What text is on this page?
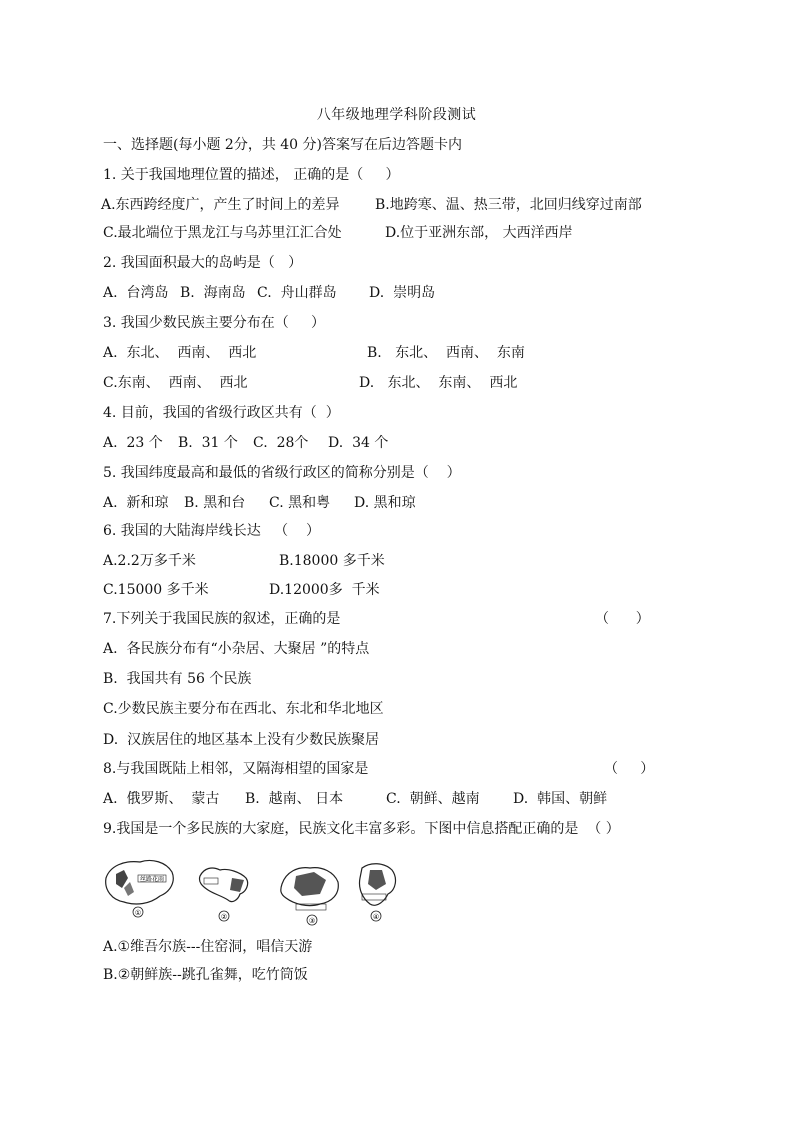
八年级地理学科阶段测试
一、选择题(每小题 2分，共 40 分)答案写在后边答题卡内
1. 关于我国地理位置的描述， 正确的是（     ）
A.东西跨经度广，产生了时间上的差异	B.地跨寒、温、热三带，北回归线穿过南部
C.最北端位于黑龙江与乌苏里江汇合处	D.位于亚洲东部， 大西洋西岸
2. 我国面积最大的岛屿是（   ）
A.  台湾岛 B.  海南岛 C.  舟山群岛 D.  崇明岛
3. 我国少数民族主要分布在（     ）
A.  东北、  西南、  西北	B.   东北、  西南、  东南
C.东南、  西南、  西北	D.   东北、  东南、  西北
4. 目前，我国的省级行政区共有（  ）
A.  23 个 B.  31 个 C.  28个 D.  34 个
5. 我国纬度最高和最低的省级行政区的简称分别是（    ）
A.  新和琼 B. 黑和台 C. 黑和粤 D. 黑和琼
6. 我国的大陆海岸线长达   （    ）
A.2.2万多千米	B.18000 多千米
C.15000 多千米	D.12000多  千米
7.下列关于我国民族的叙述，正确的是	（      ）
A.  各民族分布有“小杂居、大聚居 ”的特点
B.  我国共有 56 个民族
C.少数民族主要分布在西北、东北和华北地区
D.  汉族居住的地区基本上没有少数民族聚居
8.与我国既陆上相邻，又隔海相望的国家是	（     ）
A.  俄罗斯、  蒙古 B.  越南、 日本	C.  朝鲜、越南 D.  韩国、朝鲜
9.我国是一个多民族的大家庭，民族文化丰富多彩。下图中信息搭配正确的是  （ ）
丝路花雨
①	②	③	④
A.①维吾尔族---住窑洞，唱信天游
B.②朝鲜族--跳孔雀舞，吃竹筒饭
